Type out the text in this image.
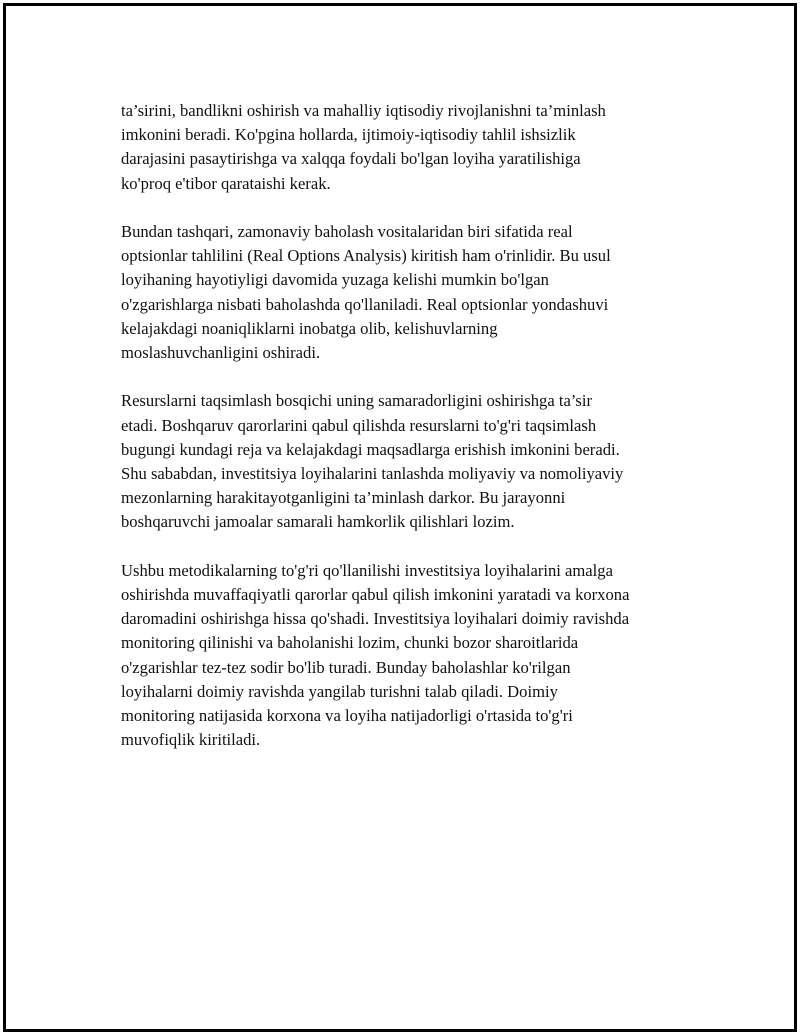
ta’sirini, bandlikni oshirish va mahalliy iqtisodiy rivojlanishni ta’minlash
imkonini beradi. Ko'pgina hollarda, ijtimoiy-iqtisodiy tahlil ishsizlik
darajasini pasaytirishga va xalqqa foydali bo'lgan loyiha yaratilishiga
ko'proq e'tibor qarataishi kerak.

Bundan tashqari, zamonaviy baholash vositalaridan biri sifatida real
optsionlar tahlilini (Real Options Analysis) kiritish ham o'rinlidir. Bu usul
loyihaning hayotiyligi davomida yuzaga kelishi mumkin bo'lgan
o'zgarishlarga nisbati baholashda qo'llaniladi. Real optsionlar yondashuvi
kelajakdagi noaniqliklarni inobatga olib, kelishuvlarning
moslashuvchanligini oshiradi.

Resurslarni taqsimlash bosqichi uning samaradorligini oshirishga ta’sir
etadi. Boshqaruv qarorlarini qabul qilishda resurslarni to'g'ri taqsimlash
bugungi kundagi reja va kelajakdagi maqsadlarga erishish imkonini beradi.
Shu sababdan, investitsiya loyihalarini tanlashda moliyaviy va nomoliyaviy
mezonlarning harakitayotganligini ta’minlash darkor. Bu jarayonni
boshqaruvchi jamoalar samarali hamkorlik qilishlari lozim.

Ushbu metodikalarning to'g'ri qo'llanilishi investitsiya loyihalarini amalga
oshirishda muvaffaqiyatli qarorlar qabul qilish imkonini yaratadi va korxona
daromadini oshirishga hissa qo'shadi. Investitsiya loyihalari doimiy ravishda
monitoring qilinishi va baholanishi lozim, chunki bozor sharoitlarida
o'zgarishlar tez-tez sodir bo'lib turadi. Bunday baholashlar ko'rilgan
loyihalarni doimiy ravishda yangilab turishni talab qiladi. Doimiy
monitoring natijasida korxona va loyiha natijadorligi o'rtasida to'g'ri
muvofiqlik kiritiladi.
